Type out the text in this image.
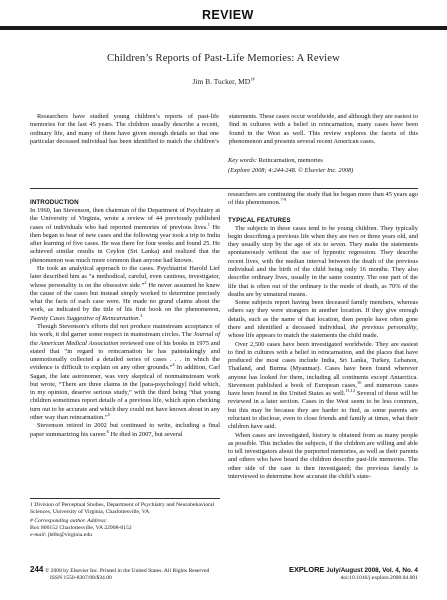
REVIEW
Children’s Reports of Past-Life Memories: A Review
Jim B. Tucker, $MD^{1\#}$

Researchers have studied young children’s reports of past-life memories for the last 45 years. The children usually describe a recent, ordinary life, and many of them have given enough details so that one particular deceased individual has been identified to match the children’s statements. These cases occur worldwide, and although they are easiest to find in cultures with a belief in reincarnation, many cases have been found in the West as well. This review explores the facets of this phenomenon and presents several recent American cases.

Key words: Reincarnation, memories

(Explore 2008; 4:244-248. © Elsevier Inc. 2008)

INTRODUCTION

In 1960, Ian Stevenson, then chairman of the Department of Psychiatry at the University of Virginia, wrote a review of 44 previously published cases of individuals who had reported memories of previous lives.$^1$ He then began to hear of new cases and the following year took a trip to India after learning of five cases. He was there for four weeks and found 25. He achieved similar results in Ceylon (Sri Lanka) and realized that the phenomenon was much more common than anyone had known.

He took an analytical approach to the cases. Psychiatrist Harold Lief later described him as “a methodical, careful, even cautious, investigator, whose personality is on the obsessive side.”$^2$ He never assumed he knew the cause of the cases but instead simply worked to determine precisely what the facts of each case were. He made no grand claims about the work, as indicated by the title of his first book on the phenomenon, Twenty Cases Suggestive of Reincarnation.$^3$

Though Stevenson’s efforts did not produce mainstream acceptance of his work, it did garner some respect in mainstream circles. The Journal of the American Medical Association reviewed one of his books in 1975 and stated that “in regard to reincarnation he has painstakingly and unemotionally collected a detailed series of cases . . . in which the evidence is difficult to explain on any other grounds.”$^4$ In addition, Carl Sagan, the late astronomer, was very skeptical of nonmainstream work but wrote, “There are three claims in the [para-psychology] field which, in my opinion, deserve serious study,” with the third being “that young children sometimes report details of a previous life, which upon checking turn out to be accurate and which they could not have known about in any other way than reincarnation.”$^5$

Stevenson retired in 2002 but continued to write, including a final paper summarizing his career.$^6$ He died in 2007, but several

1 Division of Perceptual Studies, Department of Psychiatry and Neurobehavioral Sciences, University of Virginia, Charlottesville, VA

# Corresponding author. Address:

Box 800152 Charlottesville, VA 22908-0152

e-mail: jbt8n@virginia.edu

researchers are continuing the study that he began more than 45 years ago of this phenomenon.$^{7-9}$

TYPICAL FEATURES

The subjects in these cases tend to be young children. They typically begin describing a previous life when they are two or three years old, and they usually stop by the age of six to seven. They make the statements spontaneously without the use of hypnotic regression. They describe recent lives, with the median interval between the death of the previous individual and the birth of the child being only 16 months. They also describe ordinary lives, usually in the same country. The one part of the life that is often out of the ordinary is the mode of death, as 70% of the deaths are by unnatural means.

Some subjects report having been deceased family members, whereas others say they were strangers in another location. If they give enough details, such as the name of that location, then people have often gone there and identified a deceased individual, the previous personality, whose life appears to match the statements the child made.

Over 2,500 cases have been investigated worldwide. They are easiest to find in cultures with a belief in reincarnation, and the places that have produced the most cases include India, Sri Lanka, Turkey, Lebanon, Thailand, and Burma (Myanmar). Cases have been found wherever anyone has looked for them, including all continents except Antarctica. Stevenson published a book of European cases,$^{10}$ and numerous cases have been found in the United States as well.$^{11,12}$ Several of these will be reviewed in a later section. Cases in the West seem to be less common, but this may be because they are harder to find, as some parents are reluctant to disclose, even to close friends and family at times, what their children have said.

When cases are investigated, history is obtained from as many people as possible. This includes the subjects, if the children are willing and able to tell investigators about the purported memories, as well as their parents and others who have heard the children describe past-life memories. The other side of the case is then investigated; the previous family is interviewed to determine how accurate the child’s state-

244 © 2008 by Elsevier Inc. Printed in the United States. All Rights Reserved
ISSN 1550-8307/08/$34.00
EXPLORE July/August 2008, Vol. 4, No. 4
doi:10.1016/j.explore.2008.04.001
